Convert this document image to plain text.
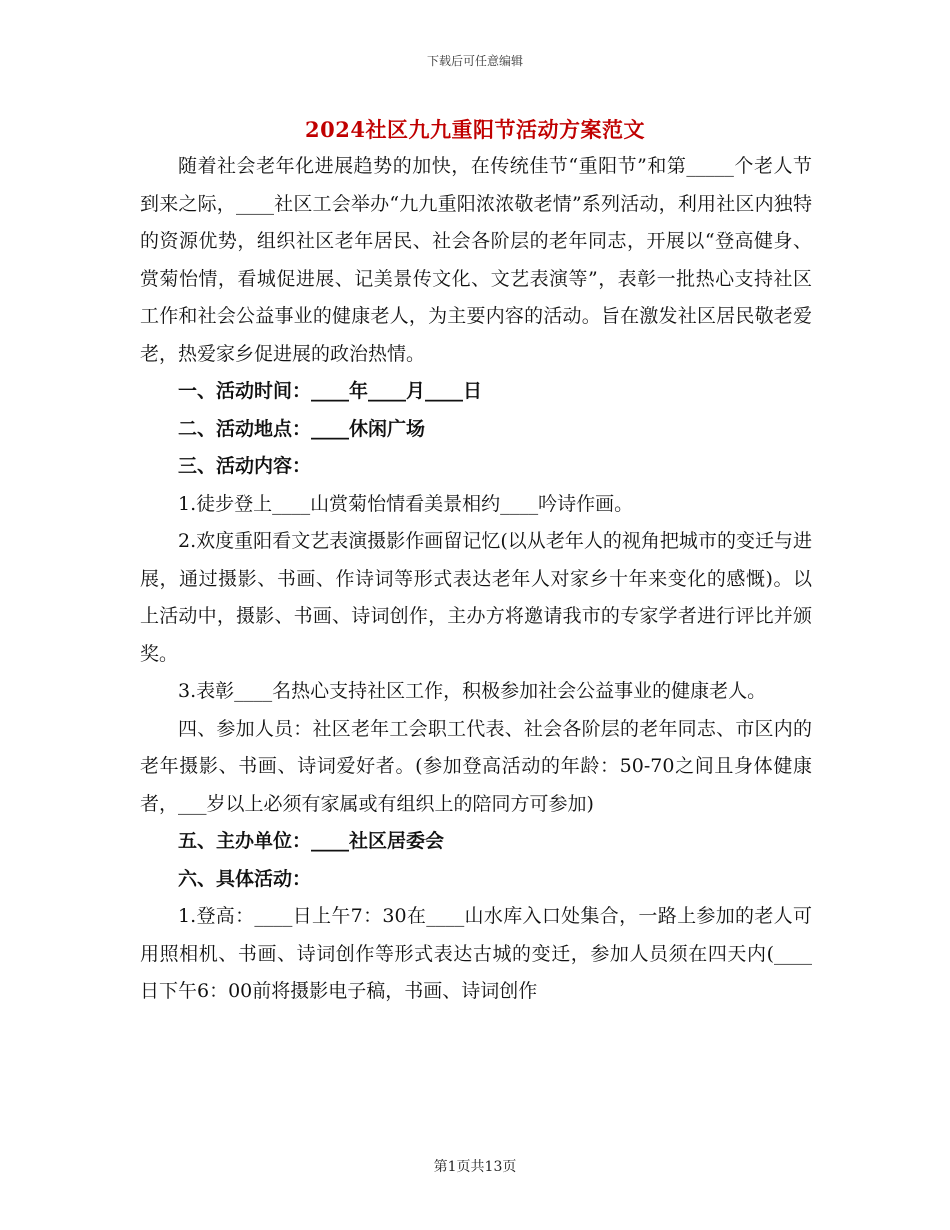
下载后可任意编辑
2024社区九九重阳节活动方案范文

随着社会老年化进展趋势的加快，在传统佳节“重阳节”和第_____个老人节到来之际，____社区工会举办“九九重阳浓浓敬老情”系列活动，利用社区内独特的资源优势，组织社区老年居民、社会各阶层的老年同志，开展以“登高健身、赏菊怡情，看城促进展、记美景传文化、文艺表演等”，表彰一批热心支持社区工作和社会公益事业的健康老人，为主要内容的活动。旨在激发社区居民敬老爱老，热爱家乡促进展的政治热情。

一、活动时间：____年____月____日

二、活动地点：____休闲广场

三、活动内容：

1.徒步登上____山赏菊怡情看美景相约____吟诗作画。

2.欢度重阳看文艺表演摄影作画留记忆(以从老年人的视角把城市的变迁与进展，通过摄影、书画、作诗词等形式表达老年人对家乡十年来变化的感慨)。以上活动中，摄影、书画、诗词创作，主办方将邀请我市的专家学者进行评比并颁奖。

3.表彰____名热心支持社区工作，积极参加社会公益事业的健康老人。

四、参加人员：社区老年工会职工代表、社会各阶层的老年同志、市区内的老年摄影、书画、诗词爱好者。(参加登高活动的年龄：50-70之间且身体健康者，___岁以上必须有家属或有组织上的陪同方可参加)

五、主办单位：____社区居委会

六、具体活动：

1.登高：____日上午7：30在____山水库入口处集合，一路上参加的老人可用照相机、书画、诗词创作等形式表达古城的变迁，参加人员须在四天内(____日下午6：00前将摄影电子稿，书画、诗词创作

第1页共13页
